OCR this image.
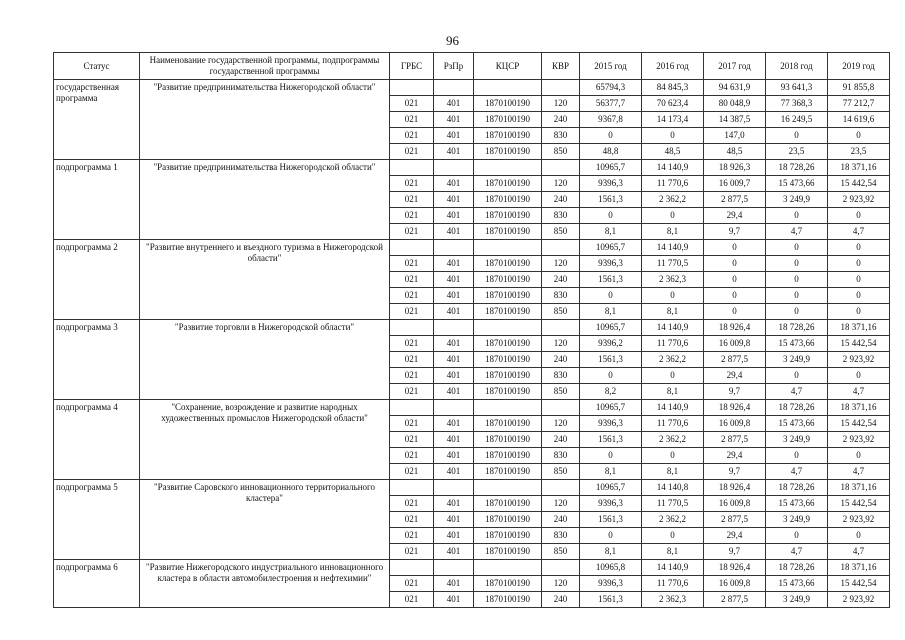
96
Статус	Наименование государственной программы, подпрограммы государственной программы	ГРБС	РзПр	КЦСР	КВР	2015 год	2016 год	2017 год	2018 год	2019 год
государственная программа	"Развитие предпринимательства Нижегородской области"					65794,3	84 845,3	94 631,9	93 641,3	91 855,8
		021	401	1870100190	120	56377,7	70 623,4	80 048,9	77 368,3	77 212,7
		021	401	1870100190	240	9367,8	14 173,4	14 387,5	16 249,5	14 619,6
		021	401	1870100190	830	0	0	147,0	0	0
		021	401	1870100190	850	48,8	48,5	48,5	23,5	23,5
подпрограмма 1	"Развитие предпринимательства Нижегородской области"					10965,7	14 140,9	18 926,3	18 728,26	18 371,16
		021	401	1870100190	120	9396,3	11 770,6	16 009,7	15 473,66	15 442,54
		021	401	1870100190	240	1561,3	2 362,2	2 877,5	3 249,9	2 923,92
		021	401	1870100190	830	0	0	29,4	0	0
		021	401	1870100190	850	8,1	8,1	9,7	4,7	4,7
подпрограмма 2	"Развитие внутреннего и въездного туризма в Нижегородской области"					10965,7	14 140,9	0	0	0
		021	401	1870100190	120	9396,3	11 770,5	0	0	0
		021	401	1870100190	240	1561,3	2 362,3	0	0	0
		021	401	1870100190	830	0	0	0	0	0
		021	401	1870100190	850	8,1	8,1	0	0	0
подпрограмма 3	"Развитие торговли в Нижегородской области"					10965,7	14 140,9	18 926,4	18 728,26	18 371,16
		021	401	1870100190	120	9396,2	11 770,6	16 009,8	15 473,66	15 442,54
		021	401	1870100190	240	1561,3	2 362,2	2 877,5	3 249,9	2 923,92
		021	401	1870100190	830	0	0	29,4	0	0
		021	401	1870100190	850	8,2	8,1	9,7	4,7	4,7
подпрограмма 4	"Сохранение, возрождение и развитие народных художественных промыслов Нижегородской области"					10965,7	14 140,9	18 926,4	18 728,26	18 371,16
		021	401	1870100190	120	9396,3	11 770,6	16 009,8	15 473,66	15 442,54
		021	401	1870100190	240	1561,3	2 362,2	2 877,5	3 249,9	2 923,92
		021	401	1870100190	830	0	0	29,4	0	0
		021	401	1870100190	850	8,1	8,1	9,7	4,7	4,7
подпрограмма 5	"Развитие Саровского инновационного территориального кластера"					10965,7	14 140,8	18 926,4	18 728,26	18 371,16
		021	401	1870100190	120	9396,3	11 770,5	16 009,8	15 473,66	15 442,54
		021	401	1870100190	240	1561,3	2 362,2	2 877,5	3 249,9	2 923,92
		021	401	1870100190	830	0	0	29,4	0	0
		021	401	1870100190	850	8,1	8,1	9,7	4,7	4,7
подпрограмма 6	"Развитие Нижегородского индустриального инновационного кластера в области автомобилестроения и нефтехимии"					10965,8	14 140,9	18 926,4	18 728,26	18 371,16
		021	401	1870100190	120	9396,3	11 770,6	16 009,8	15 473,66	15 442,54
		021	401	1870100190	240	1561,3	2 362,3	2 877,5	3 249,9	2 923,92
